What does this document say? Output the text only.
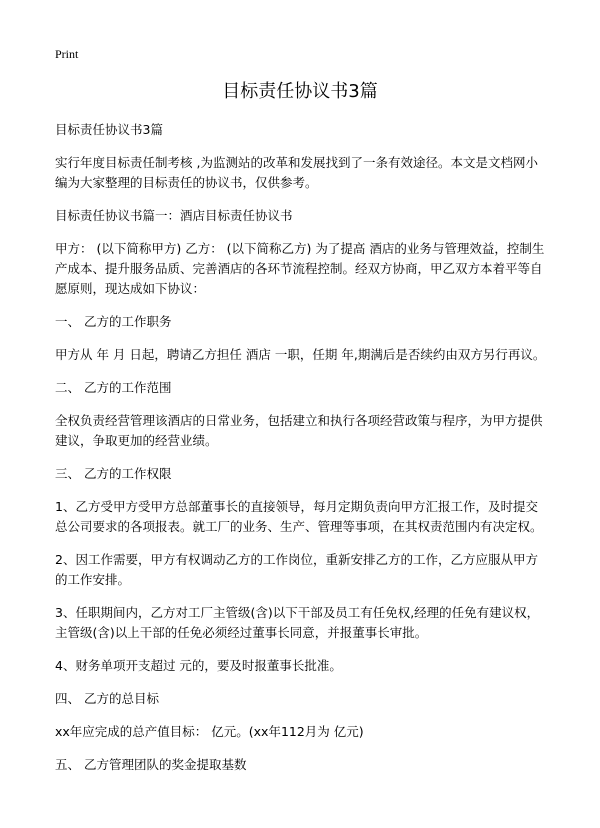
Print
目标责任协议书3篇

目标责任协议书3篇

实行年度目标责任制考核 ,为监测站的改革和发展找到了一条有效途径。本文是文档网小编为大家整理的目标责任的协议书，仅供参考。

目标责任协议书篇一：酒店目标责任协议书

甲方： (以下简称甲方) 乙方： (以下简称乙方) 为了提高 酒店的业务与管理效益，控制生产成本、提升服务品质、完善酒店的各环节流程控制。经双方协商，甲乙双方本着平等自愿原则，现达成如下协议：

一、 乙方的工作职务

甲方从 年 月 日起，聘请乙方担任 酒店 一职，任期 年,期满后是否续约由双方另行再议。

二、 乙方的工作范围

全权负责经营管理该酒店的日常业务，包括建立和执行各项经营政策与程序，为甲方提供建议，争取更加的经营业绩。

三、 乙方的工作权限

1、乙方受甲方受甲方总部董事长的直接领导，每月定期负责向甲方汇报工作，及时提交总公司要求的各项报表。就工厂的业务、生产、管理等事项，在其权责范围内有决定权。

2、因工作需要，甲方有权调动乙方的工作岗位，重新安排乙方的工作，乙方应服从甲方的工作安排。

3、任职期间内，乙方对工厂主管级(含)以下干部及员工有任免权,经理的任免有建议权，主管级(含)以上干部的任免必须经过董事长同意，并报董事长审批。

4、财务单项开支超过 元的，要及时报董事长批准。

四、 乙方的总目标

xx年应完成的总产值目标： 亿元。(xx年112月为 亿元)

五、 乙方管理团队的奖金提取基数
